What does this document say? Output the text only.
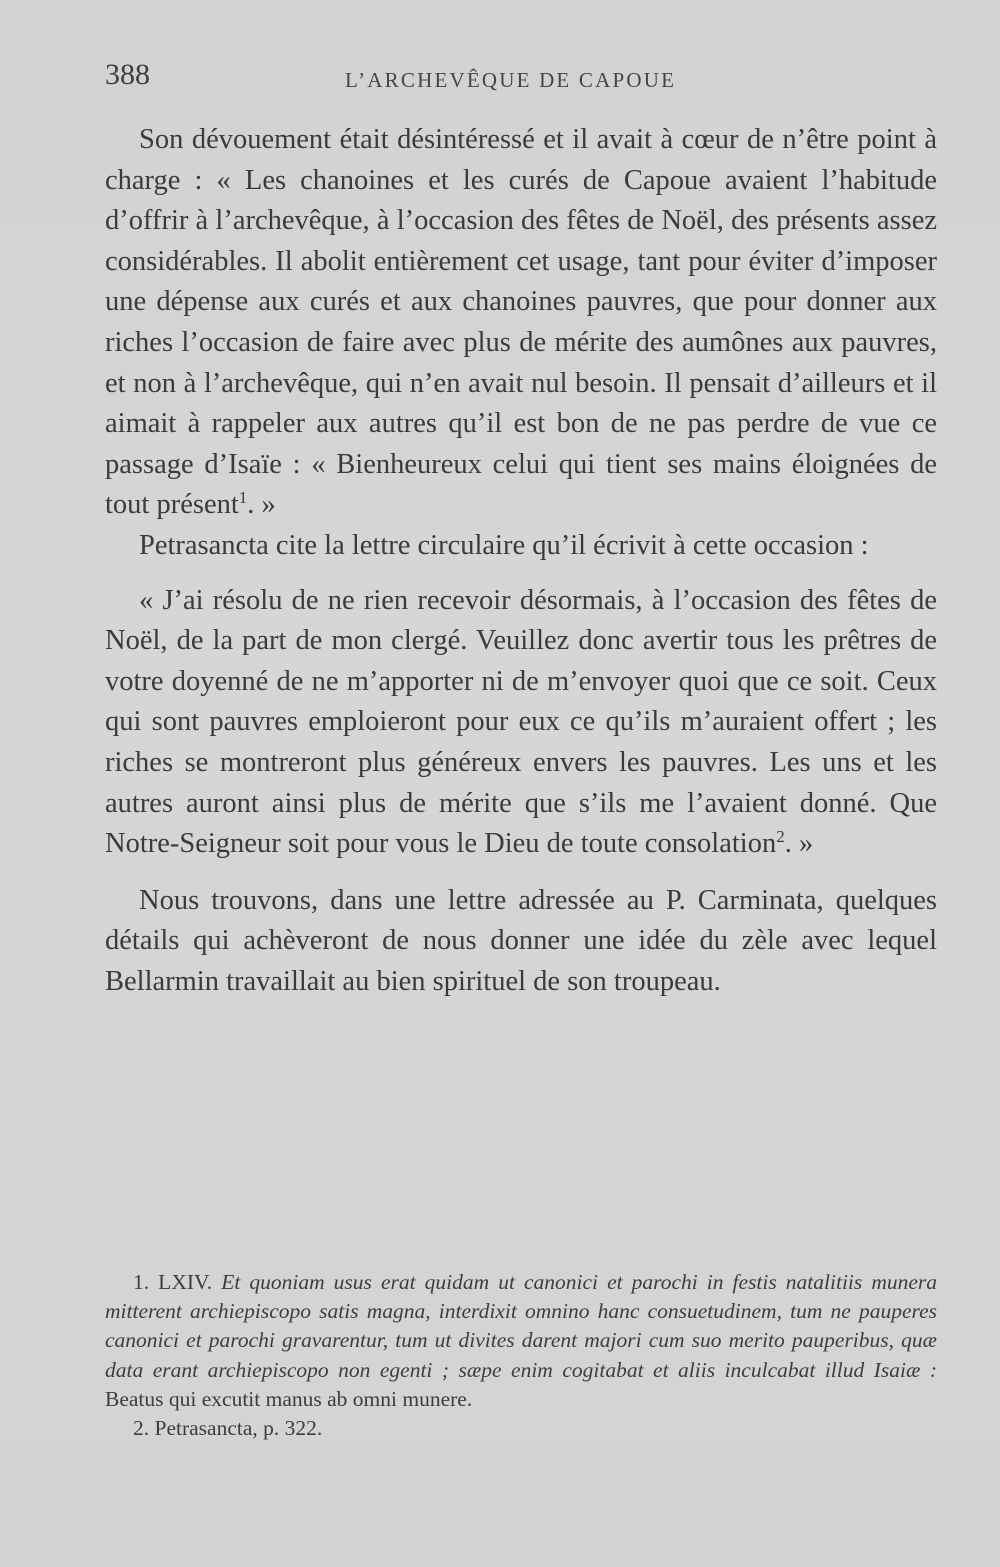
388	L’ARCHEVÊQUE DE CAPOUE

Son dévouement était désintéressé et il avait à cœur de n’être point à charge : « Les chanoines et les curés de Capoue avaient l’habitude d’offrir à l’archevêque, à l’occasion des fêtes de Noël, des présents assez considérables. Il abolit entièrement cet usage, tant pour éviter d’imposer une dépense aux curés et aux chanoines pauvres, que pour donner aux riches l’occasion de faire avec plus de mérite des aumônes aux pauvres, et non à l’archevêque, qui n’en avait nul besoin. Il pensait d’ailleurs et il aimait à rappeler aux autres qu’il est bon de ne pas perdre de vue ce passage d’Isaïe : « Bienheureux celui qui tient ses mains éloignées de tout présent$^1$. »

Petrasancta cite la lettre circulaire qu’il écrivit à cette occasion :

« J’ai résolu de ne rien recevoir désormais, à l’occasion des fêtes de Noël, de la part de mon clergé. Veuillez donc avertir tous les prêtres de votre doyenné de ne m’apporter ni de m’envoyer quoi que ce soit. Ceux qui sont pauvres emploieront pour eux ce qu’ils m’auraient offert ; les riches se montreront plus généreux envers les pauvres. Les uns et les autres auront ainsi plus de mérite que s’ils me l’avaient donné. Que Notre-Seigneur soit pour vous le Dieu de toute consolation$^2$. »

Nous trouvons, dans une lettre adressée au P. Carminata, quelques détails qui achèveront de nous donner une idée du zèle avec lequel Bellarmin travaillait au bien spirituel de son troupeau.

1. LXIV. Et quoniam usus erat quidam ut canonici et parochi in festis natalitiis munera mitterent archiepiscopo satis magna, interdixit omnino hanc consuetudinem, tum ne pauperes canonici et parochi gravarentur, tum ut divites darent majori cum suo merito pauperibus, quæ data erant archiepiscopo non egenti ; sæpe enim cogitabat et aliis inculcabat illud Isaiæ : Beatus qui excutit manus ab omni munere.

2. Petrasancta, p. 322.
